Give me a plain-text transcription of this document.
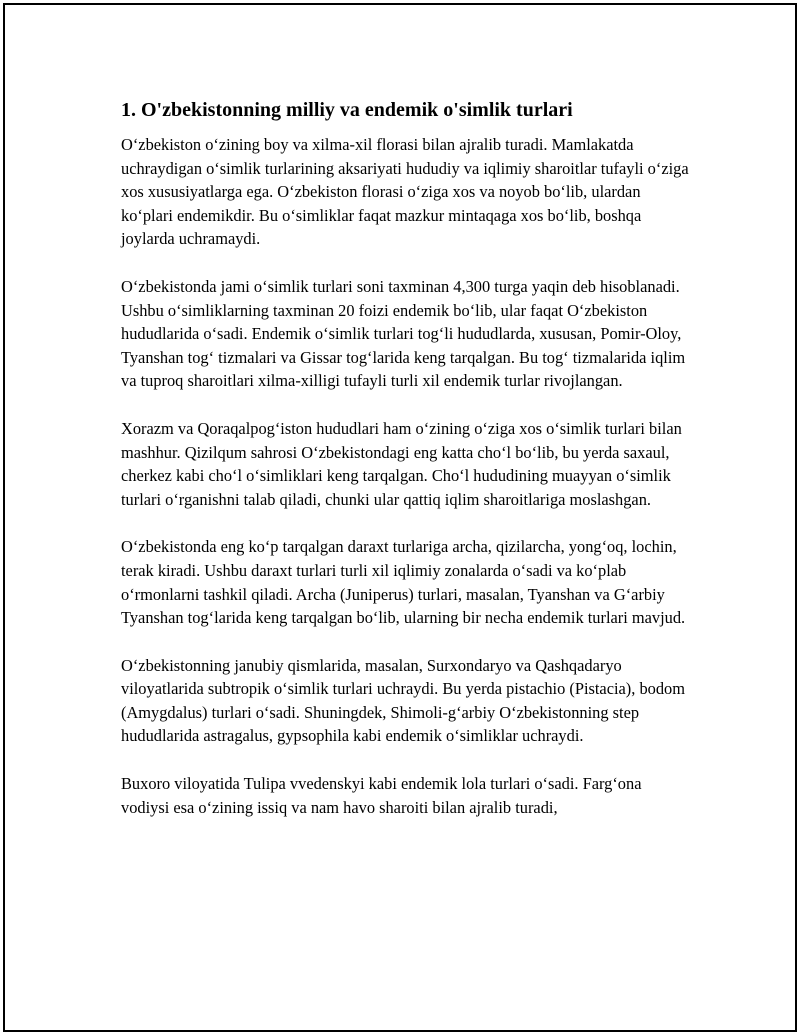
1. O'zbekistonning milliy va endemik o'simlik turlari

O‘zbekiston o‘zining boy va xilma-xil florasi bilan ajralib turadi. Mamlakatda uchraydigan o‘simlik turlarining aksariyati hududiy va iqlimiy sharoitlar tufayli o‘ziga xos xususiyatlarga ega. O‘zbekiston florasi o‘ziga xos va noyob bo‘lib, ulardan ko‘plari endemikdir. Bu o‘simliklar faqat mazkur mintaqaga xos bo‘lib, boshqa joylarda uchramaydi.

O‘zbekistonda jami o‘simlik turlari soni taxminan 4,300 turga yaqin deb hisoblanadi. Ushbu o‘simliklarning taxminan 20 foizi endemik bo‘lib, ular faqat O‘zbekiston hududlarida o‘sadi. Endemik o‘simlik turlari tog‘li hududlarda, xususan, Pomir-Oloy, Tyanshan tog‘ tizmalari va Gissar tog‘larida keng tarqalgan. Bu tog‘ tizmalarida iqlim va tuproq sharoitlari xilma-xilligi tufayli turli xil endemik turlar rivojlangan.

Xorazm va Qoraqalpog‘iston hududlari ham o‘zining o‘ziga xos o‘simlik turlari bilan mashhur. Qizilqum sahrosi O‘zbekistondagi eng katta cho‘l bo‘lib, bu yerda saxaul, cherkez kabi cho‘l o‘simliklari keng tarqalgan. Cho‘l hududining muayyan o‘simlik turlari o‘rganishni talab qiladi, chunki ular qattiq iqlim sharoitlariga moslashgan.

O‘zbekistonda eng ko‘p tarqalgan daraxt turlariga archa, qizilarcha, yong‘oq, lochin, terak kiradi. Ushbu daraxt turlari turli xil iqlimiy zonalarda o‘sadi va ko‘plab o‘rmonlarni tashkil qiladi. Archa (Juniperus) turlari, masalan, Tyanshan va G‘arbiy Tyanshan tog‘larida keng tarqalgan bo‘lib, ularning bir necha endemik turlari mavjud.

O‘zbekistonning janubiy qismlarida, masalan, Surxondaryo va Qashqadaryo viloyatlarida subtropik o‘simlik turlari uchraydi. Bu yerda pistachio (Pistacia), bodom (Amygdalus) turlari o‘sadi. Shuningdek, Shimoli-g‘arbiy O‘zbekistonning step hududlarida astragalus, gypsophila kabi endemik o‘simliklar uchraydi.

Buxoro viloyatida Tulipa vvedenskyi kabi endemik lola turlari o‘sadi. Farg‘ona vodiysi esa o‘zining issiq va nam havo sharoiti bilan ajralib turadi,
